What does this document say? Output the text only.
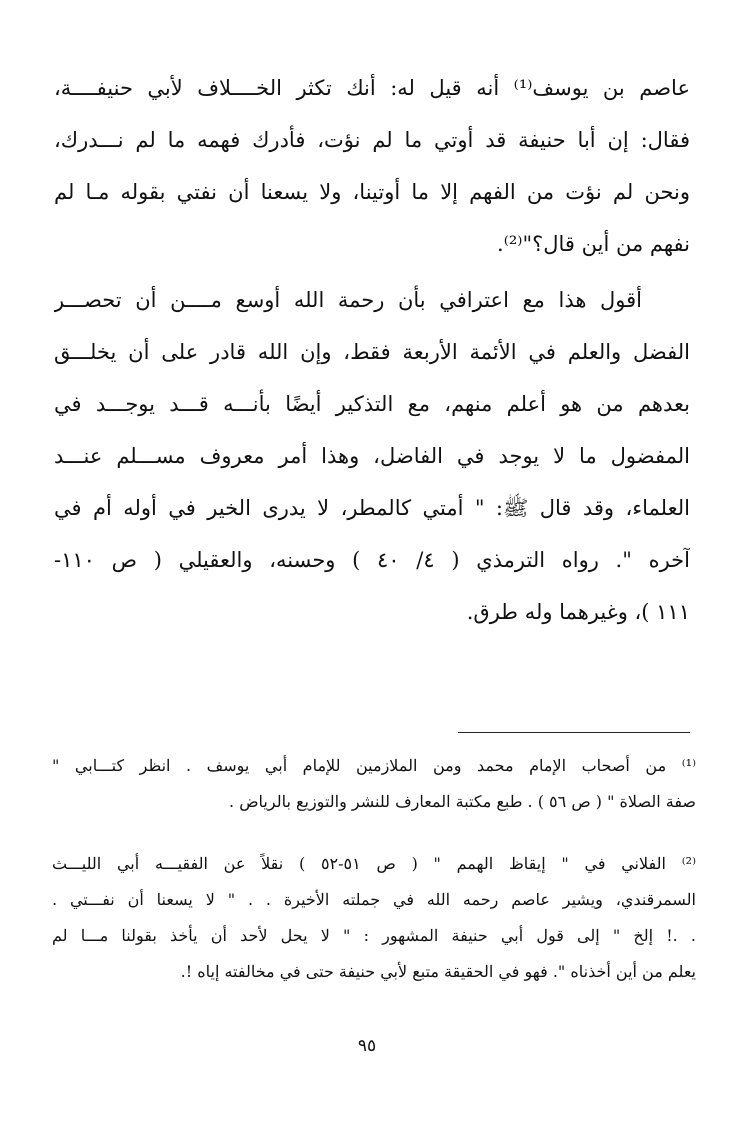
عاصم بن يوسف⁽¹⁾ أنه قيل له: أنك تكثر الخــــلاف لأبي حنيفــــة،
فقال: إن أبا حنيفة قد أوتي ما لم نؤت، فأدرك فهمه ما لم نـــدرك،
ونحن لم نؤت من الفهم إلا ما أوتينا، ولا يسعنا أن نفتي بقوله مـا لم
نفهم من أين قال؟"⁽²⁾.
أقول هذا مع اعترافي بأن رحمة الله أوسع مــــن أن تحصـــر
الفضل والعلم في الأئمة الأربعة فقط، وإن الله قادر على أن يخلـــق
بعدهم من هو أعلم منهم، مع التذكير أيضًا بأنـــه قـــد يوجـــد في
المفضول ما لا يوجد في الفاضل، وهذا أمر معروف مســـلم عنـــد
العلماء، وقد قال ﷺ: " أمتي كالمطر، لا يدرى الخير في أوله أم في
آخره ". رواه الترمذي ( ٤/ ٤٠ ) وحسنه، والعقيلي ( ص ١١٠-
١١١ )، وغيرهما وله طرق.
⁽¹⁾ من أصحاب الإمام محمد ومن الملازمين للإمام أبي يوسف . انظر كتـــابي "
صفة الصلاة " ( ص ٥٦ ) . طبع مكتبة المعارف للنشر والتوزيع بالرياض .
⁽²⁾ الفلاني في " إيقاظ الهمم " ( ص ٥١-٥٢ ) نقلاً عن الفقيـــه أبي الليـــث
السمرقندي، ويشير عاصم رحمه الله في جملته الأخيرة . . " لا يسعنا أن نفـــتي .
. .! إلخ " إلى قول أبي حنيفة المشهور : " لا يحل لأحد أن يأخذ بقولنا مـــا لم
يعلم من أين أخذناه ". فهو في الحقيقة متبع لأبي حنيفة حتى في مخالفته إياه !.
٩٥
